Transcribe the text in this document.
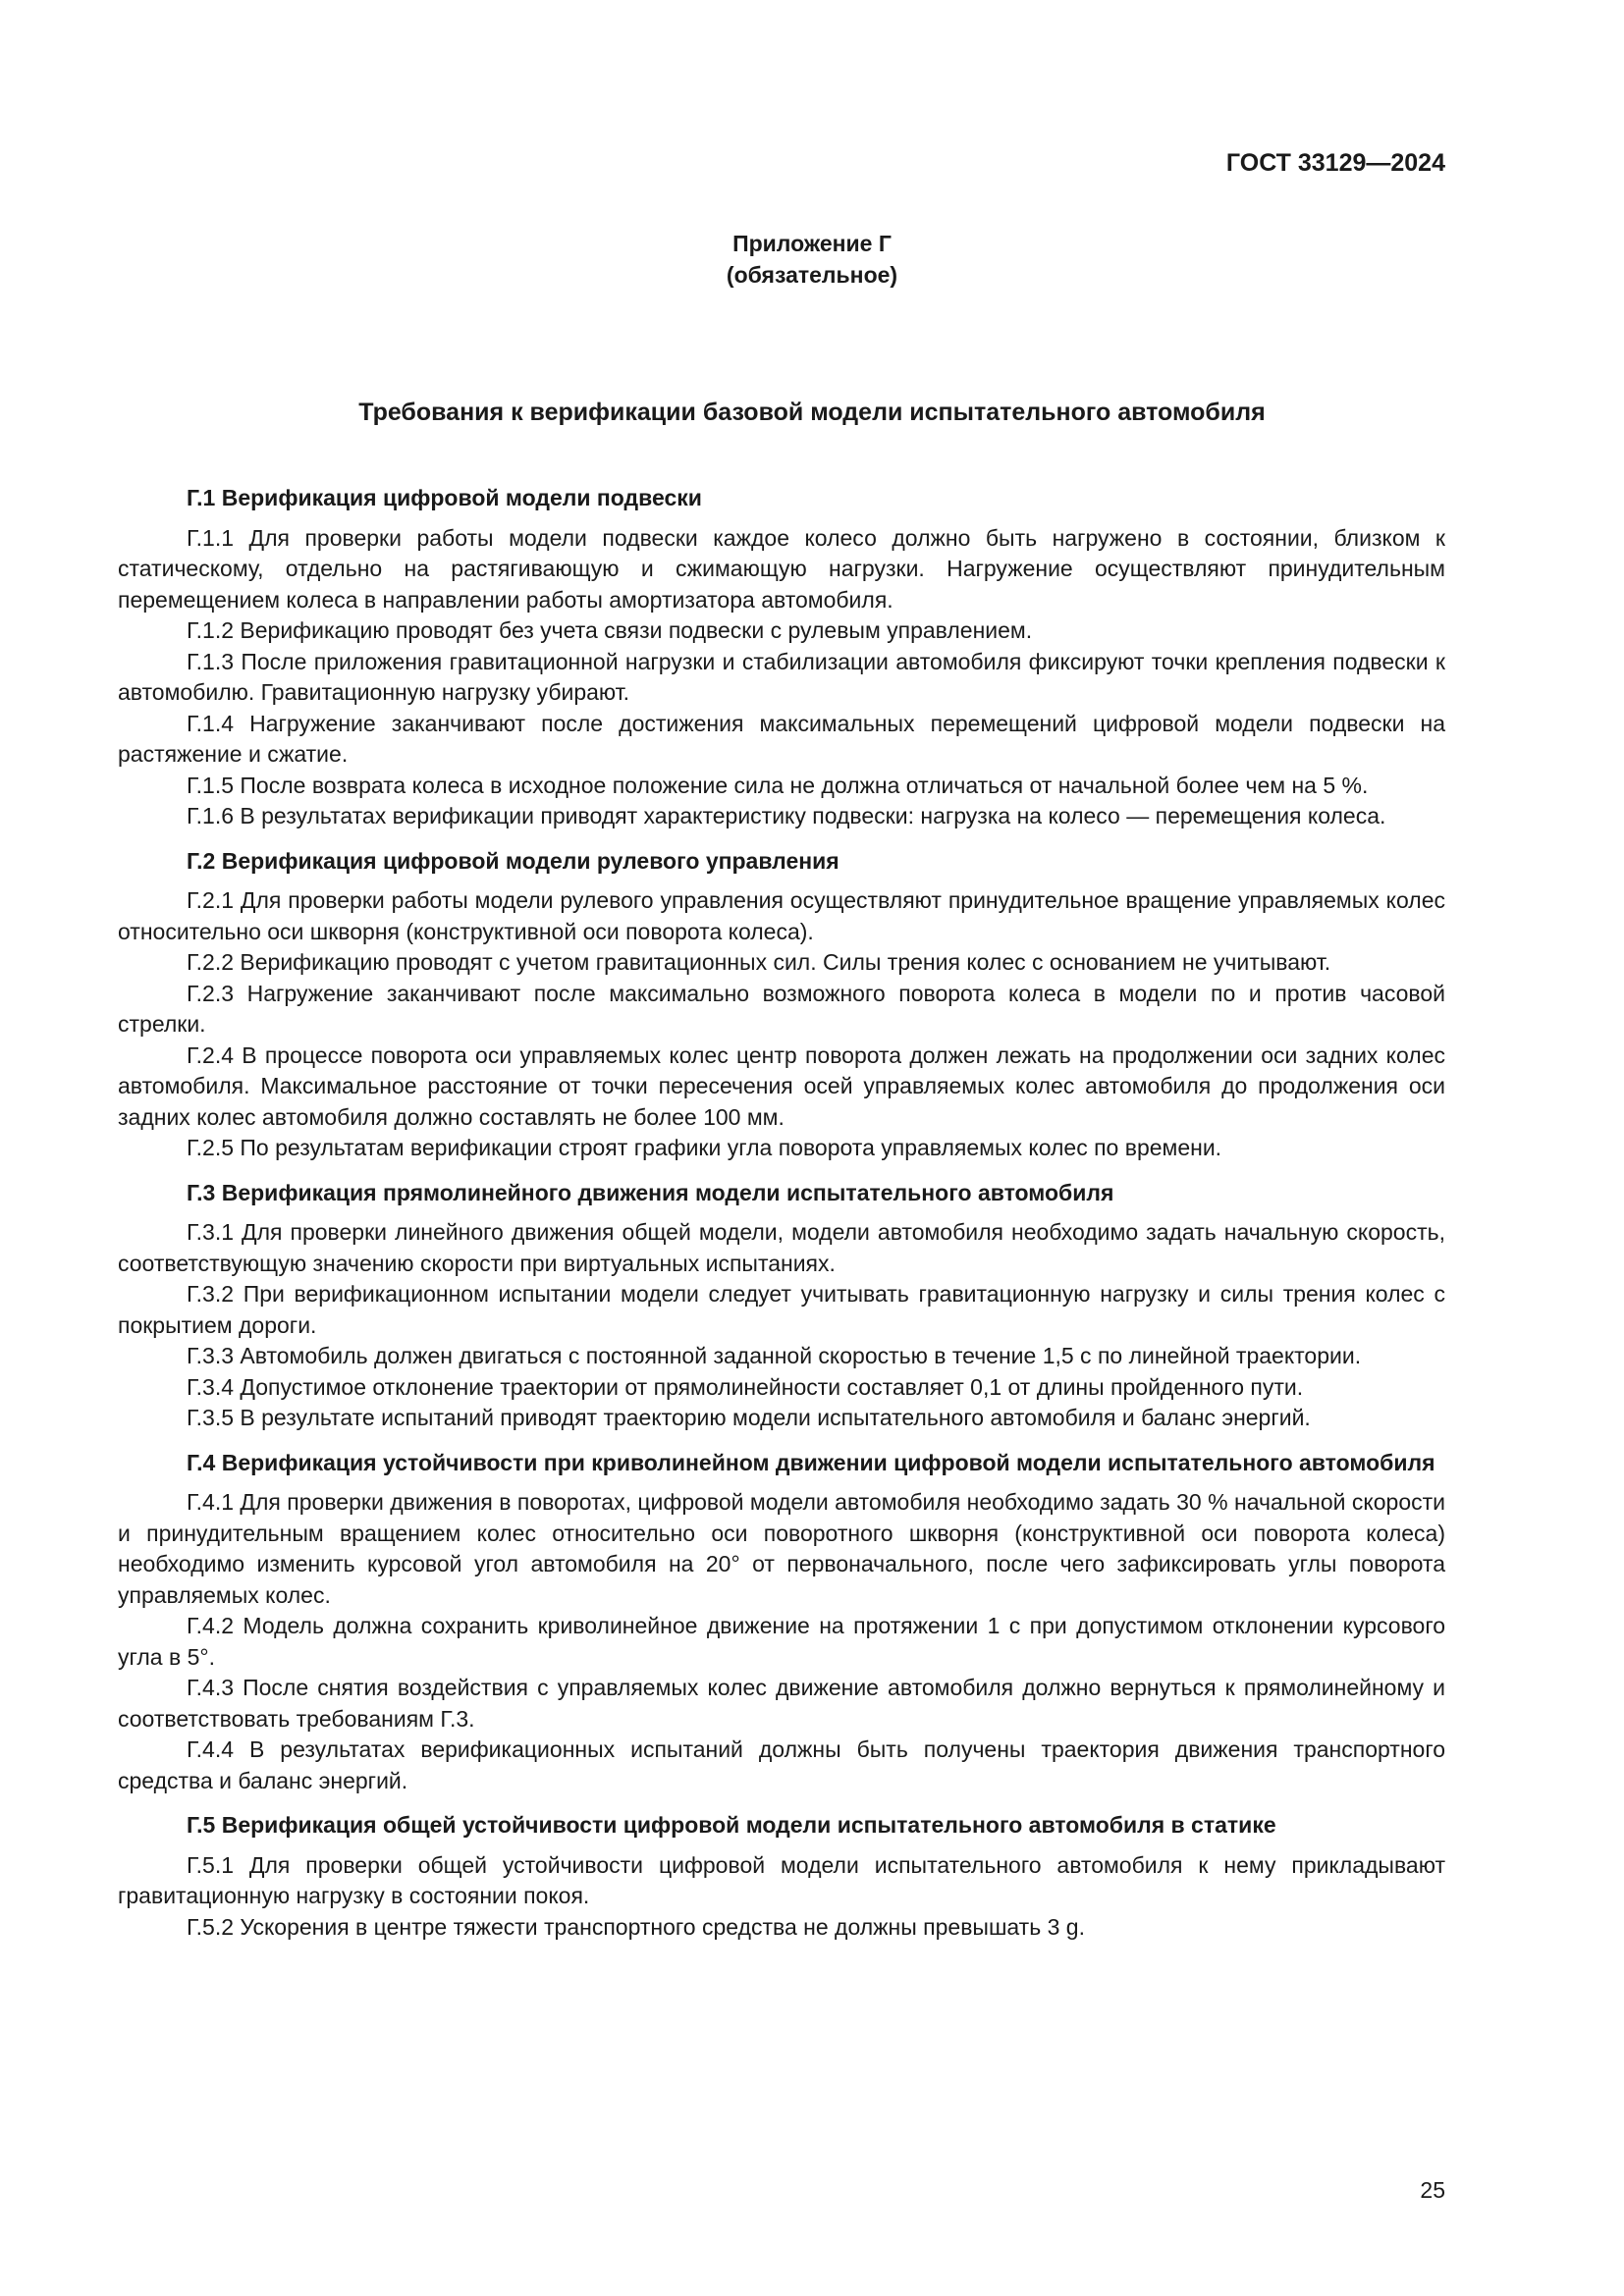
ГОСТ 33129—2024
Приложение Г
(обязательное)
Требования к верификации базовой модели испытательного автомобиля
Г.1 Верификация цифровой модели подвески

Г.1.1 Для проверки работы модели подвески каждое колесо должно быть нагружено в состоянии, близком к статическому, отдельно на растягивающую и сжимающую нагрузки. Нагружение осуществляют принудительным перемещением колеса в направлении работы амортизатора автомобиля.

Г.1.2 Верификацию проводят без учета связи подвески с рулевым управлением.

Г.1.3 После приложения гравитационной нагрузки и стабилизации автомобиля фиксируют точки крепления подвески к автомобилю. Гравитационную нагрузку убирают.

Г.1.4 Нагружение заканчивают после достижения максимальных перемещений цифровой модели подвески на растяжение и сжатие.

Г.1.5 После возврата колеса в исходное положение сила не должна отличаться от начальной более чем на 5 %.

Г.1.6 В результатах верификации приводят характеристику подвески: нагрузка на колесо — перемещения колеса.

Г.2 Верификация цифровой модели рулевого управления

Г.2.1 Для проверки работы модели рулевого управления осуществляют принудительное вращение управляемых колес относительно оси шкворня (конструктивной оси поворота колеса).

Г.2.2 Верификацию проводят с учетом гравитационных сил. Силы трения колес с основанием не учитывают.

Г.2.3 Нагружение заканчивают после максимально возможного поворота колеса в модели по и против часовой стрелки.

Г.2.4 В процессе поворота оси управляемых колес центр поворота должен лежать на продолжении оси задних колес автомобиля. Максимальное расстояние от точки пересечения осей управляемых колес автомобиля до продолжения оси задних колес автомобиля должно составлять не более 100 мм.

Г.2.5 По результатам верификации строят графики угла поворота управляемых колес по времени.

Г.3 Верификация прямолинейного движения модели испытательного автомобиля

Г.3.1 Для проверки линейного движения общей модели, модели автомобиля необходимо задать начальную скорость, соответствующую значению скорости при виртуальных испытаниях.

Г.3.2 При верификационном испытании модели следует учитывать гравитационную нагрузку и силы трения колес с покрытием дороги.

Г.3.3 Автомобиль должен двигаться с постоянной заданной скоростью в течение 1,5 с по линейной траектории.

Г.3.4 Допустимое отклонение траектории от прямолинейности составляет 0,1 от длины пройденного пути.

Г.3.5 В результате испытаний приводят траекторию модели испытательного автомобиля и баланс энергий.

Г.4 Верификация устойчивости при криволинейном движении цифровой модели испытательного автомобиля

Г.4.1 Для проверки движения в поворотах, цифровой модели автомобиля необходимо задать 30 % начальной скорости и принудительным вращением колес относительно оси поворотного шкворня (конструктивной оси поворота колеса) необходимо изменить курсовой угол автомобиля на 20° от первоначального, после чего зафиксировать углы поворота управляемых колес.

Г.4.2 Модель должна сохранить криволинейное движение на протяжении 1 с при допустимом отклонении курсового угла в 5°.

Г.4.3 После снятия воздействия с управляемых колес движение автомобиля должно вернуться к прямолинейному и соответствовать требованиям Г.3.

Г.4.4 В результатах верификационных испытаний должны быть получены траектория движения транспортного средства и баланс энергий.

Г.5 Верификация общей устойчивости цифровой модели испытательного автомобиля в статике

Г.5.1 Для проверки общей устойчивости цифровой модели испытательного автомобиля к нему прикладывают гравитационную нагрузку в состоянии покоя.

Г.5.2 Ускорения в центре тяжести транспортного средства не должны превышать 3 g.

25
